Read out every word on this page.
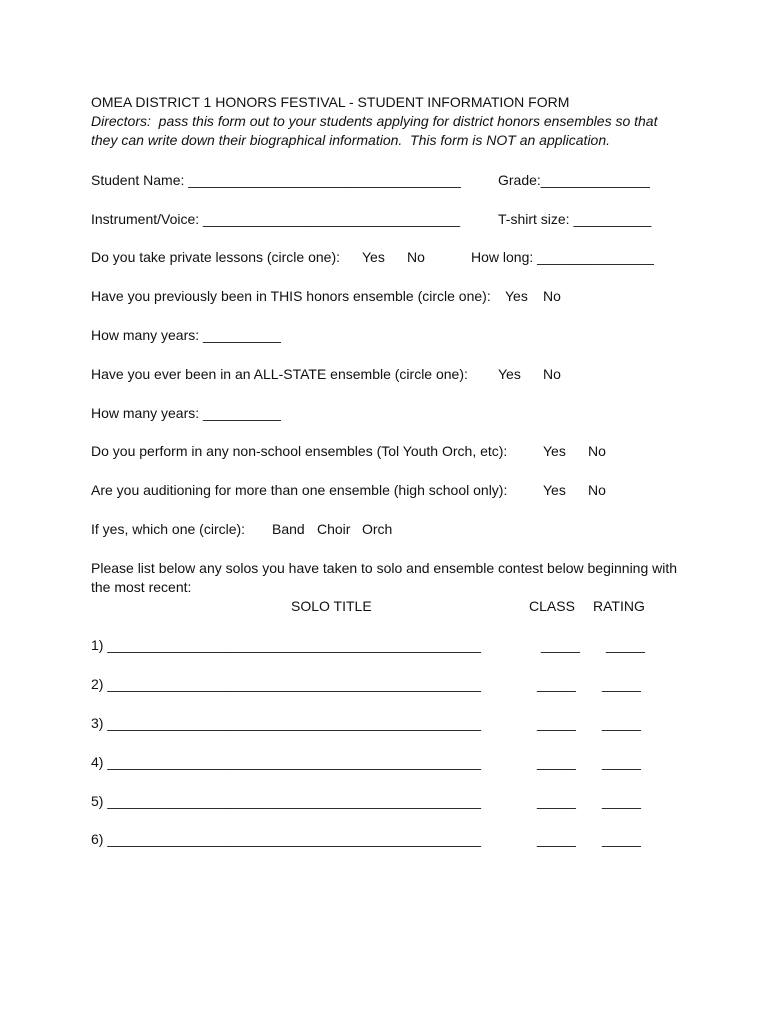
OMEA DISTRICT 1 HONORS FESTIVAL - STUDENT INFORMATION FORM
Directors:  pass this form out to your students applying for district honors ensembles so that
they can write down their biographical information.  This form is NOT an application.
Student Name: ___________________________________	Grade:______________
Instrument/Voice: _________________________________	T-shirt size: __________
Do you take private lessons (circle one): Yes No	How long: _______________
Have you previously been in THIS honors ensemble (circle one): Yes No
How many years: __________
Have you ever been in an ALL-STATE ensemble (circle one): Yes No
How many years: __________
Do you perform in any non-school ensembles (Tol Youth Orch, etc):	Yes No
Are you auditioning for more than one ensemble (high school only):	Yes No
If yes, which one (circle): Band Choir Orch
Please list below any solos you have taken to solo and ensemble contest below beginning with
the most recent:
SOLO TITLE	CLASS RATING
1) ________________________________________________	_____ _____
2) ________________________________________________	_____ _____
3) ________________________________________________	_____ _____
4) ________________________________________________	_____ _____
5) ________________________________________________	_____ _____
6) ________________________________________________	_____ _____
